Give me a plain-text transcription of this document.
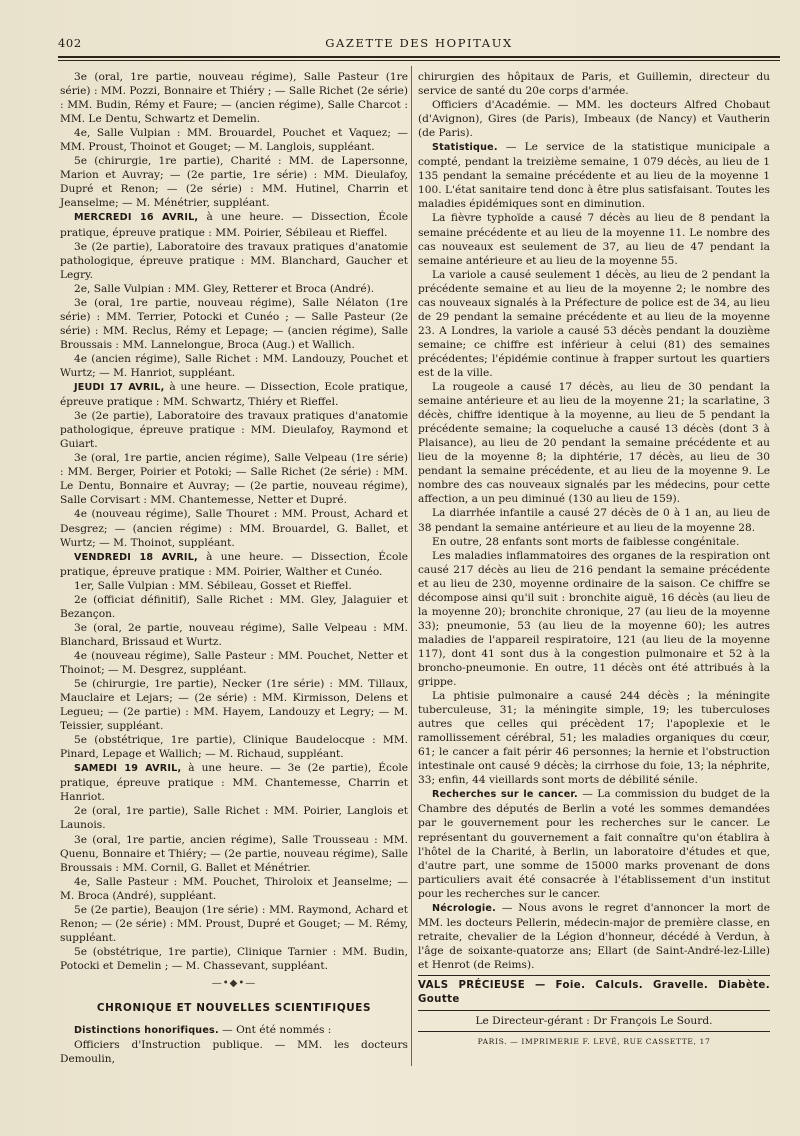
402	GAZETTE DES HOPITAUX

3e (oral, 1re partie, nouveau régime), Salle Pasteur (1re série) : MM. Pozzi, Bonnaire et Thiéry ; — Salle Richet (2e série) : MM. Budin, Rémy et Faure; — (ancien régime), Salle Charcot : MM. Le Dentu, Schwartz et Demelin.

4e, Salle Vulpian : MM. Brouardel, Pouchet et Vaquez; — MM. Proust, Thoinot et Gouget; — M. Langlois, suppléant.

5e (chirurgie, 1re partie), Charité : MM. de Lapersonne, Marion et Auvray; — (2e partie, 1re série) : MM. Dieulafoy, Dupré et Renon; — (2e série) : MM. Hutinel, Charrin et Jeanselme; — M. Ménétrier, suppléant.

MERCREDI 16 AVRIL, à une heure. — Dissection, École pratique, épreuve pratique : MM. Poirier, Sébileau et Rieffel.

3e (2e partie), Laboratoire des travaux pratiques d'anatomie pathologique, épreuve pratique : MM. Blanchard, Gaucher et Legry.

2e, Salle Vulpian : MM. Gley, Retterer et Broca (André).

3e (oral, 1re partie, nouveau régime), Salle Nélaton (1re série) : MM. Terrier, Potocki et Cunéo ; — Salle Pasteur (2e série) : MM. Reclus, Rémy et Lepage; — (ancien régime), Salle Broussais : MM. Lannelongue, Broca (Aug.) et Wallich.

4e (ancien régime), Salle Richet : MM. Landouzy, Pouchet et Wurtz; — M. Hanriot, suppléant.

JEUDI 17 AVRIL, à une heure. — Dissection, Ecole pratique, épreuve pratique : MM. Schwartz, Thiéry et Rieffel.

3e (2e partie), Laboratoire des travaux pratiques d'anatomie pathologique, épreuve pratique : MM. Dieulafoy, Raymond et Guiart.

3e (oral, 1re partie, ancien régime), Salle Velpeau (1re série) : MM. Berger, Poirier et Potoki; — Salle Richet (2e série) : MM. Le Dentu, Bonnaire et Auvray; — (2e partie, nouveau régime), Salle Corvisart : MM. Chantemesse, Netter et Dupré.

4e (nouveau régime), Salle Thouret : MM. Proust, Achard et Desgrez; — (ancien régime) : MM. Brouardel, G. Ballet, et Wurtz; — M. Thoinot, suppléant.

VENDREDI 18 AVRIL, à une heure. — Dissection, École pratique, épreuve pratique : MM. Poirier, Walther et Cunéo.

1er, Salle Vulpian : MM. Sébileau, Gosset et Rieffel.

2e (officiat définitif), Salle Richet : MM. Gley, Jalaguier et Bezançon.

3e (oral, 2e partie, nouveau régime), Salle Velpeau : MM. Blanchard, Brissaud et Wurtz.

4e (nouveau régime), Salle Pasteur : MM. Pouchet, Netter et Thoinot; — M. Desgrez, suppléant.

5e (chirurgie, 1re partie), Necker (1re série) : MM. Tillaux, Mauclaire et Lejars; — (2e série) : MM. Kirmisson, Delens et Legueu; — (2e partie) : MM. Hayem, Landouzy et Legry; — M. Teissier, suppléant.

5e (obstétrique, 1re partie), Clinique Baudelocque : MM. Pinard, Lepage et Wallich; — M. Richaud, suppléant.

SAMEDI 19 AVRIL, à une heure. — 3e (2e partie), École pratique, épreuve pratique : MM. Chantemesse, Charrin et Hanriot.

2e (oral, 1re partie), Salle Richet : MM. Poirier, Langlois et Launois.

3e (oral, 1re partie, ancien régime), Salle Trousseau : MM. Quenu, Bonnaire et Thiéry; — (2e partie, nouveau régime), Salle Broussais : MM. Cornil, G. Ballet et Ménétrier.

4e, Salle Pasteur : MM. Pouchet, Thiroloix et Jeanselme; — M. Broca (André), suppléant.

5e (2e partie), Beaujon (1re série) : MM. Raymond, Achard et Renon; — (2e série) : MM. Proust, Dupré et Gouget; — M. Rémy, suppléant.

5e (obstétrique, 1re partie), Clinique Tarnier : MM. Budin, Potocki et Demelin ; — M. Chassevant, suppléant.

—•◆•—
CHRONIQUE ET NOUVELLES SCIENTIFIQUES

Distinctions honorifiques. — Ont été nommés :

Officiers d'Instruction publique. — MM. les docteurs Demoulin,

chirurgien des hôpitaux de Paris, et Guillemin, directeur du service de santé du 20e corps d'armée.

Officiers d'Académie. — MM. les docteurs Alfred Chobaut (d'Avignon), Gires (de Paris), Imbeaux (de Nancy) et Vautherin (de Paris).

Statistique. — Le service de la statistique municipale a compté, pendant la treizième semaine, 1 079 décès, au lieu de 1 135 pendant la semaine précédente et au lieu de la moyenne 1 100. L'état sanitaire tend donc à être plus satisfaisant. Toutes les maladies épidémiques sont en diminution.

La fièvre typhoïde a causé 7 décès au lieu de 8 pendant la semaine précédente et au lieu de la moyenne 11. Le nombre des cas nouveaux est seulement de 37, au lieu de 47 pendant la semaine antérieure et au lieu de la moyenne 55.

La variole a causé seulement 1 décès, au lieu de 2 pendant la précédente semaine et au lieu de la moyenne 2; le nombre des cas nouveaux signalés à la Préfecture de police est de 34, au lieu de 29 pendant la semaine précédente et au lieu de la moyenne 23. A Londres, la variole a causé 53 décès pendant la douzième semaine; ce chiffre est inférieur à celui (81) des semaines précédentes; l'épidémie continue à frapper surtout les quartiers est de la ville.

La rougeole a causé 17 décès, au lieu de 30 pendant la semaine antérieure et au lieu de la moyenne 21; la scarlatine, 3 décès, chiffre identique à la moyenne, au lieu de 5 pendant la précédente semaine; la coqueluche a causé 13 décès (dont 3 à Plaisance), au lieu de 20 pendant la semaine précédente et au lieu de la moyenne 8; la diphtérie, 17 décès, au lieu de 30 pendant la semaine précédente, et au lieu de la moyenne 9. Le nombre des cas nouveaux signalés par les médecins, pour cette affection, a un peu diminué (130 au lieu de 159).

La diarrhée infantile a causé 27 décès de 0 à 1 an, au lieu de 38 pendant la semaine antérieure et au lieu de la moyenne 28.

En outre, 28 enfants sont morts de faiblesse congénitale.

Les maladies inflammatoires des organes de la respiration ont causé 217 décès au lieu de 216 pendant la semaine précédente et au lieu de 230, moyenne ordinaire de la saison. Ce chiffre se décompose ainsi qu'il suit : bronchite aiguë, 16 décès (au lieu de la moyenne 20); bronchite chronique, 27 (au lieu de la moyenne 33); pneumonie, 53 (au lieu de la moyenne 60); les autres maladies de l'appareil respiratoire, 121 (au lieu de la moyenne 117), dont 41 sont dus à la congestion pulmonaire et 52 à la broncho-pneumonie. En outre, 11 décès ont été attribués à la grippe.

La phtisie pulmonaire a causé 244 décès ; la méningite tuberculeuse, 31; la méningite simple, 19; les tuberculoses autres que celles qui précèdent 17; l'apoplexie et le ramollissement cérébral, 51; les maladies organiques du cœur, 61; le cancer a fait périr 46 personnes; la hernie et l'obstruction intestinale ont causé 9 décès; la cirrhose du foie, 13; la néphrite, 33; enfin, 44 vieillards sont morts de débilité sénile.

Recherches sur le cancer. — La commission du budget de la Chambre des députés de Berlin a voté les sommes demandées par le gouvernement pour les recherches sur le cancer. Le représentant du gouvernement a fait connaître qu'on établira à l'hôtel de la Charité, à Berlin, un laboratoire d'études et que, d'autre part, une somme de 15000 marks provenant de dons particuliers avait été consacrée à l'établissement d'un institut pour les recherches sur le cancer.

Nécrologie. — Nous avons le regret d'annoncer la mort de MM. les docteurs Pellerin, médecin-major de première classe, en retraite, chevalier de la Légion d'honneur, décédé à Verdun, à l'âge de soixante-quatorze ans; Ellart (de Saint-André-lez-Lille) et Henrot (de Reims).

VALS PRÉCIEUSE — Foie. Calculs. Gravelle. Diabète. Goutte
Le Directeur-gérant : Dr François Le Sourd.
PARIS. — IMPRIMERIE F. LEVÉ, RUE CASSETTE, 17
